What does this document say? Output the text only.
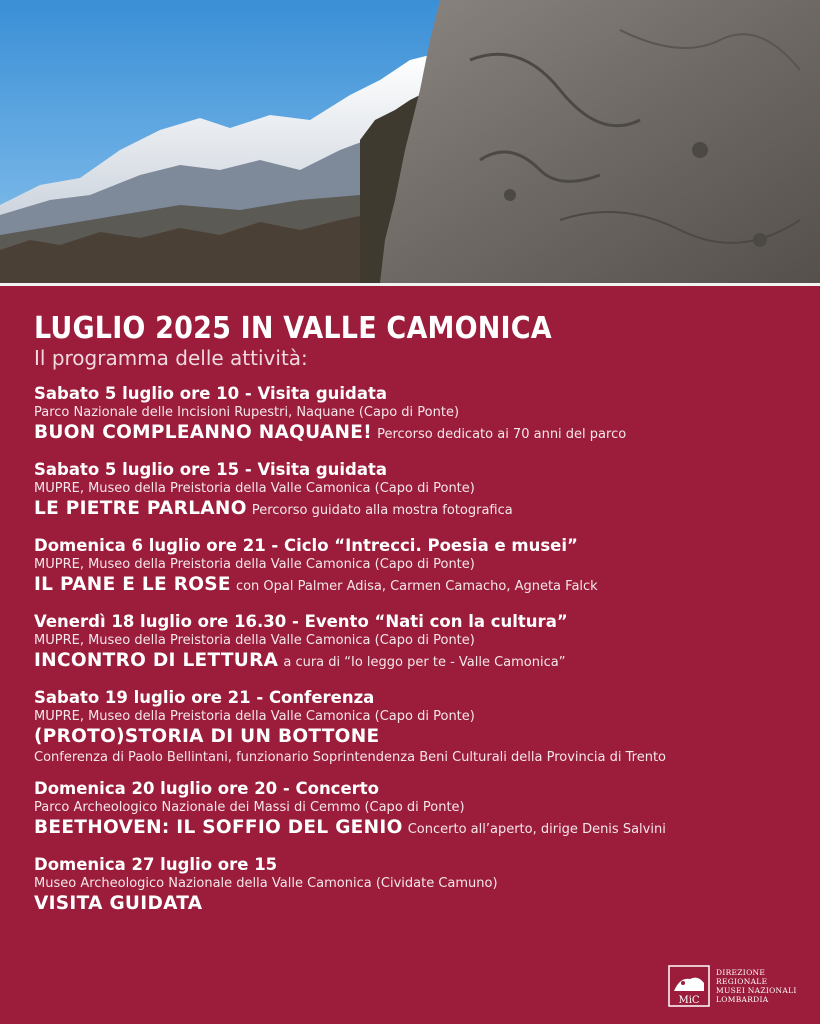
LUGLIO 2025 IN VALLE CAMONICA
Il programma delle attività:
Sabato 5 luglio ore 10 - Visita guidata
Parco Nazionale delle Incisioni Rupestri, Naquane (Capo di Ponte)
BUON COMPLEANNO NAQUANE! Percorso dedicato ai 70 anni del parco
Sabato 5 luglio ore 15 - Visita guidata
MUPRE, Museo della Preistoria della Valle Camonica (Capo di Ponte)
LE PIETRE PARLANO Percorso guidato alla mostra fotografica
Domenica 6 luglio ore 21 - Ciclo “Intrecci. Poesia e musei”
MUPRE, Museo della Preistoria della Valle Camonica (Capo di Ponte)
IL PANE E LE ROSE con Opal Palmer Adisa, Carmen Camacho, Agneta Falck
Venerdì 18 luglio ore 16.30 - Evento “Nati con la cultura”
MUPRE, Museo della Preistoria della Valle Camonica (Capo di Ponte)
INCONTRO DI LETTURA a cura di “Io leggo per te - Valle Camonica”
Sabato 19 luglio ore 21 - Conferenza
MUPRE, Museo della Preistoria della Valle Camonica (Capo di Ponte)
(PROTO)STORIA DI UN BOTTONE
Conferenza di Paolo Bellintani, funzionario Soprintendenza Beni Culturali della Provincia di Trento
Domenica 20 luglio ore 20 - Concerto
Parco Archeologico Nazionale dei Massi di Cemmo (Capo di Ponte)
BEETHOVEN: IL SOFFIO DEL GENIO Concerto all’aperto, dirige Denis Salvini
Domenica 27 luglio ore 15
Museo Archeologico Nazionale della Valle Camonica (Cividate Camuno)
VISITA GUIDATA
MiC
DIREZIONE
REGIONALE
MUSEI NAZIONALI
LOMBARDIA
